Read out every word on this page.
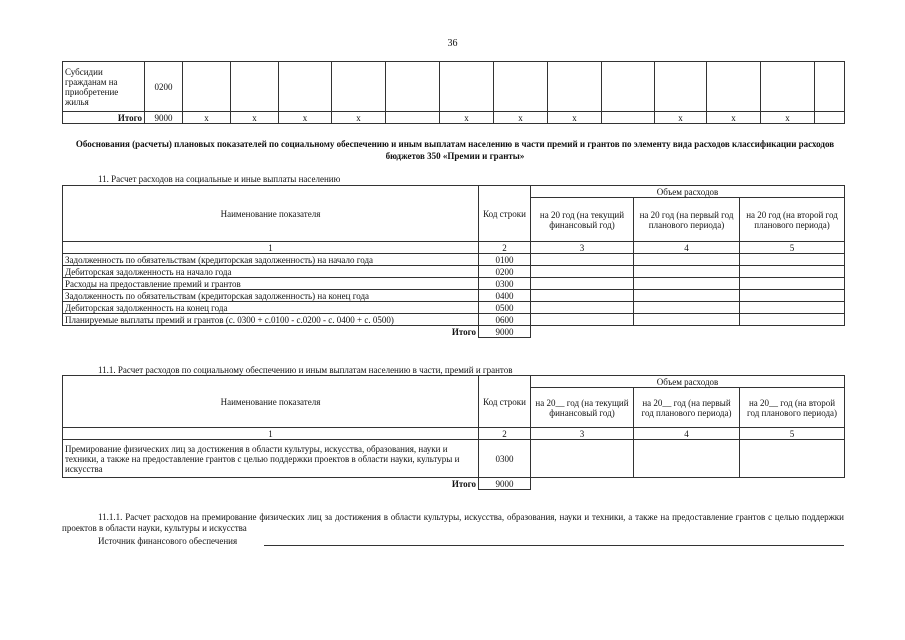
36
Субсидии гражданам на приобретение жилья	0200													
Итого	9000	х	х	х	х		х	х	х		х	х	х	
Обоснования (расчеты) плановых показателей по социальному обеспечению и иным выплатам населению в части премий и грантов по элементу вида расходов классификации расходов бюджетов 350 «Премии и гранты»
11. Расчет расходов на социальные и иные выплаты населению
Наименование показателя	Код строки	Объем расходов		
		на 20 год (на текущий финансовый год)	на 20 год (на первый год планового периода)	на 20 год (на второй год планового периода)
1	2	3	4	5
Задолженность по обязательствам (кредиторская задолженность) на начало года	0100			
Дебиторская задолженность на начало года	0200			
Расходы на предоставление премий и грантов	0300			
Задолженность по обязательствам (кредиторская задолженность) на конец года	0400			
Дебиторская задолженность на конец года	0500			
Планируемые выплаты премий и грантов (с. 0300 + с.0100 - с.0200 - с. 0400 + с. 0500)	0600			
Итого	9000			
11.1. Расчет расходов по социальному обеспечению и иным выплатам населению в части, премий и грантов
Наименование показателя	Код строки	Объем расходов		
		на 20__ год (на текущий финансовый год)	на 20__ год (на первый год планового периода)	на 20__ год (на второй год планового периода)
1	2	3	4	5
Премирование физических лиц за достижения в области культуры, искусства, образования, науки и техники, а также на предоставление грантов с целью поддержки проектов в области науки, культуры и искусства	0300			
Итого	9000			
11.1.1. Расчет расходов на премирование физических лиц за достижения в области культуры, искусства, образования, науки и техники, а также на предоставление грантов с целью поддержки проектов в области науки, культуры и искусства
Источник финансового обеспечения
